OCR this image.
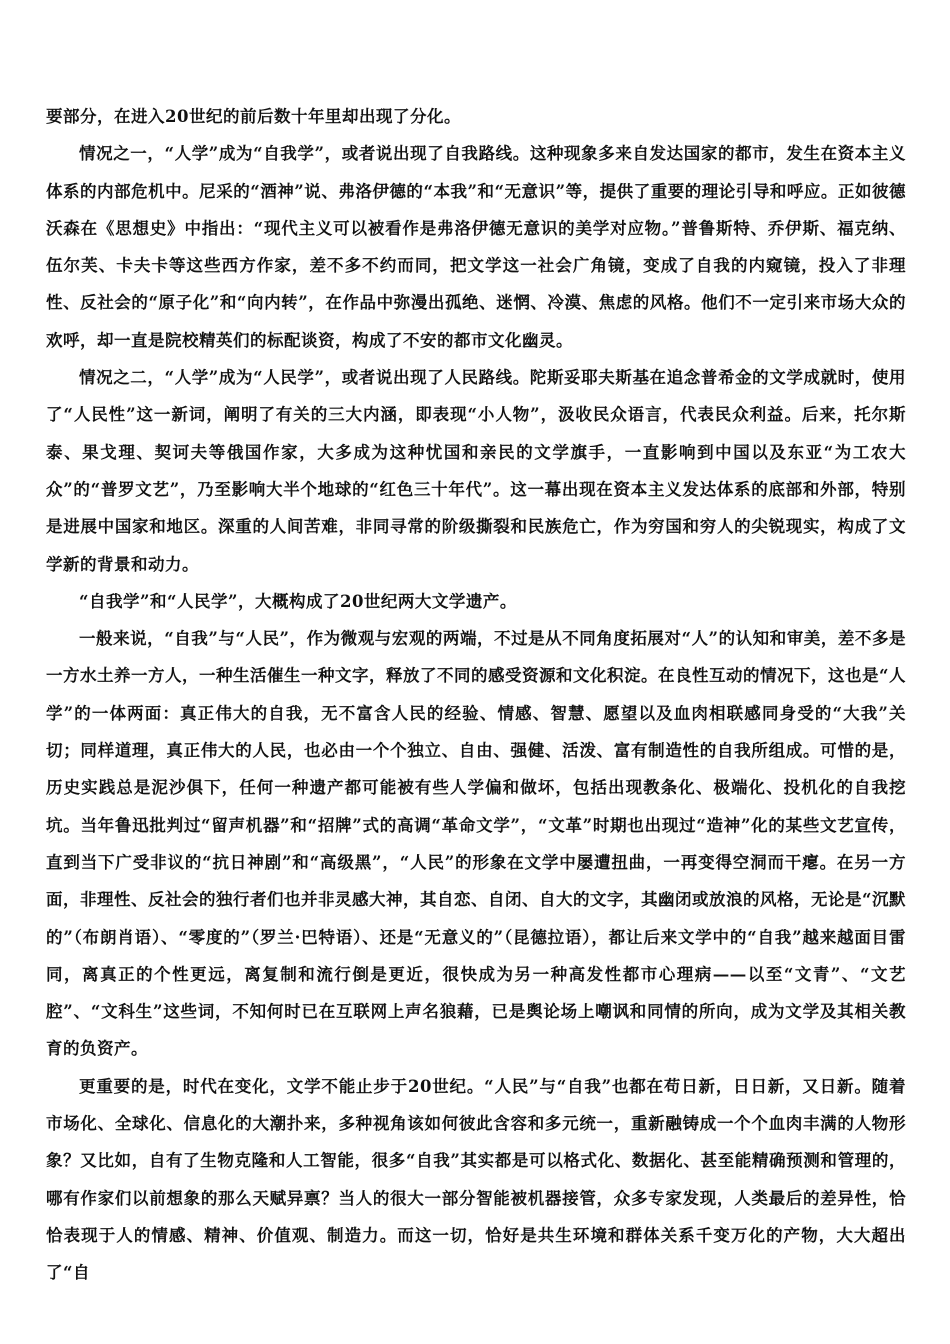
要部分，在进入20世纪的前后数十年里却出现了分化。

情况之一，“人学”成为“自我学”，或者说出现了自我路线。这种现象多来自发达国家的都市，发生在资本主义体系的内部危机中。尼采的“酒神”说、弗洛伊德的“本我”和“无意识”等，提供了重要的理论引导和呼应。正如彼德沃森在《思想史》中指出：“现代主义可以被看作是弗洛伊德无意识的美学对应物。”普鲁斯特、乔伊斯、福克纳、伍尔芙、卡夫卡等这些西方作家，差不多不约而同，把文学这一社会广角镜，变成了自我的内窥镜，投入了非理性、反社会的“原子化”和“向内转”，在作品中弥漫出孤绝、迷惘、冷漠、焦虑的风格。他们不一定引来市场大众的欢呼，却一直是院校精英们的标配谈资，构成了不安的都市文化幽灵。

情况之二，“人学”成为“人民学”，或者说出现了人民路线。陀斯妥耶夫斯基在追念普希金的文学成就时，使用了“人民性”这一新词，阐明了有关的三大内涵，即表现“小人物”，汲收民众语言，代表民众利益。后来，托尔斯泰、果戈理、契诃夫等俄国作家，大多成为这种忧国和亲民的文学旗手，一直影响到中国以及东亚“为工农大众”的“普罗文艺”，乃至影响大半个地球的“红色三十年代”。这一幕出现在资本主义发达体系的底部和外部，特别是进展中国家和地区。深重的人间苦难，非同寻常的阶级撕裂和民族危亡，作为穷国和穷人的尖锐现实，构成了文学新的背景和动力。

“自我学”和“人民学”，大概构成了20世纪两大文学遗产。

一般来说，“自我”与“人民”，作为微观与宏观的两端，不过是从不同角度拓展对“人”的认知和审美，差不多是一方水土养一方人，一种生活催生一种文字，释放了不同的感受资源和文化积淀。在良性互动的情况下，这也是“人学”的一体两面：真正伟大的自我，无不富含人民的经验、情感、智慧、愿望以及血肉相联感同身受的“大我”关切；同样道理，真正伟大的人民，也必由一个个独立、自由、强健、活泼、富有制造性的自我所组成。可惜的是，历史实践总是泥沙俱下，任何一种遗产都可能被有些人学偏和做坏，包括出现教条化、极端化、投机化的自我挖坑。当年鲁迅批判过“留声机器”和“招牌”式的高调“革命文学”，“文革”时期也出现过“造神”化的某些文艺宣传，直到当下广受非议的“抗日神剧”和“高级黑”，“人民”的形象在文学中屡遭扭曲，一再变得空洞而干瘪。在另一方面，非理性、反社会的独行者们也并非灵感大神，其自恋、自闭、自大的文字，其幽闭或放浪的风格，无论是“沉默的”（布朗肖语）、“零度的”（罗兰·巴特语）、还是“无意义的”（昆德拉语），都让后来文学中的“自我”越来越面目雷同，离真正的个性更远，离复制和流行倒是更近，很快成为另一种高发性都市心理病——以至“文青”、“文艺腔”、“文科生”这些词，不知何时已在互联网上声名狼藉，已是舆论场上嘲讽和同情的所向，成为文学及其相关教育的负资产。

更重要的是，时代在变化，文学不能止步于20世纪。“人民”与“自我”也都在苟日新，日日新，又日新。随着市场化、全球化、信息化的大潮扑来，多种视角该如何彼此含容和多元统一，重新融铸成一个个血肉丰满的人物形象？又比如，自有了生物克隆和人工智能，很多“自我”其实都是可以格式化、数据化、甚至能精确预测和管理的，哪有作家们以前想象的那么天赋异禀？当人的很大一部分智能被机器接管，众多专家发现，人类最后的差异性，恰恰表现于人的情感、精神、价值观、制造力。而这一切，恰好是共生环境和群体关系千变万化的产物，大大超出了“自
